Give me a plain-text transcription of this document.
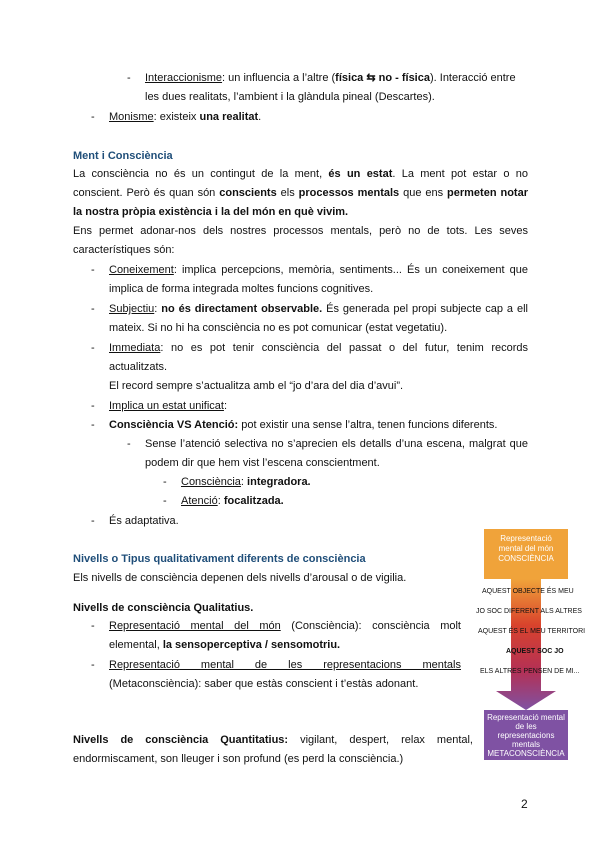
- Interaccionisme: un influencia a l’altre (física ⇆ no - física). Interacció entre
les dues realitats, l’ambient i la glàndula pineal (Descartes).
- Monisme: existeix una realitat.
Ment i Consciència
La consciència no és un contingut de la ment, és un estat. La ment pot estar o no
conscient. Però és quan són conscients els processos mentals que ens permeten notar
la nostra pròpia existència i la del món en què vivim.
Ens permet adonar-nos dels nostres processos mentals, però no de tots. Les seves
característiques són:
- Coneixement: implica percepcions, memòria, sentiments... És un coneixement que
implica de forma integrada moltes funcions cognitives.
- Subjectiu: no és directament observable. És generada pel propi subjecte cap a ell
mateix. Si no hi ha consciència no es pot comunicar (estat vegetatiu).
- Immediata: no es pot tenir consciència del passat o del futur, tenim records
actualitzats.
El record sempre s’actualitza amb el “jo d’ara del dia d’avui”.
- Implica un estat unificat:
- Consciència VS Atenció: pot existir una sense l’altra, tenen funcions diferents.
- Sense l’atenció selectiva no s’aprecien els detalls d’una escena, malgrat que
podem dir que hem vist l’escena conscientment.
- Consciència: integradora.
- Atenció: focalitzada.
- És adaptativa.
Nivells o Tipus qualitativament diferents de consciència
Els nivells de consciència depenen dels nivells d’arousal o de vigilia.
Nivells de consciència Qualitatius.
- Representació mental del món (Consciència): consciència molt
elemental, la sensoperceptiva / sensomotriu.
- Representació mental de les representacions mentals
(Metaconsciència): saber que estàs conscient i t’estàs adonant.
Nivells de consciència Quantitatius: vigilant, despert, relax mental,
endormiscament, son lleuger i son profund (es perd la consciència.)
Representació
mental del món
CONSCIÈNCIA
AQUEST OBJECTE ÉS MEU
JO SOC DIFERENT ALS ALTRES
AQUEST ÉS EL MEU TERRITORI
AQUEST SOC JO
ELS ALTRES PENSEN DE MI...
Representació mental
de les
representacions
mentals
METACONSCIÈNCIA
2
